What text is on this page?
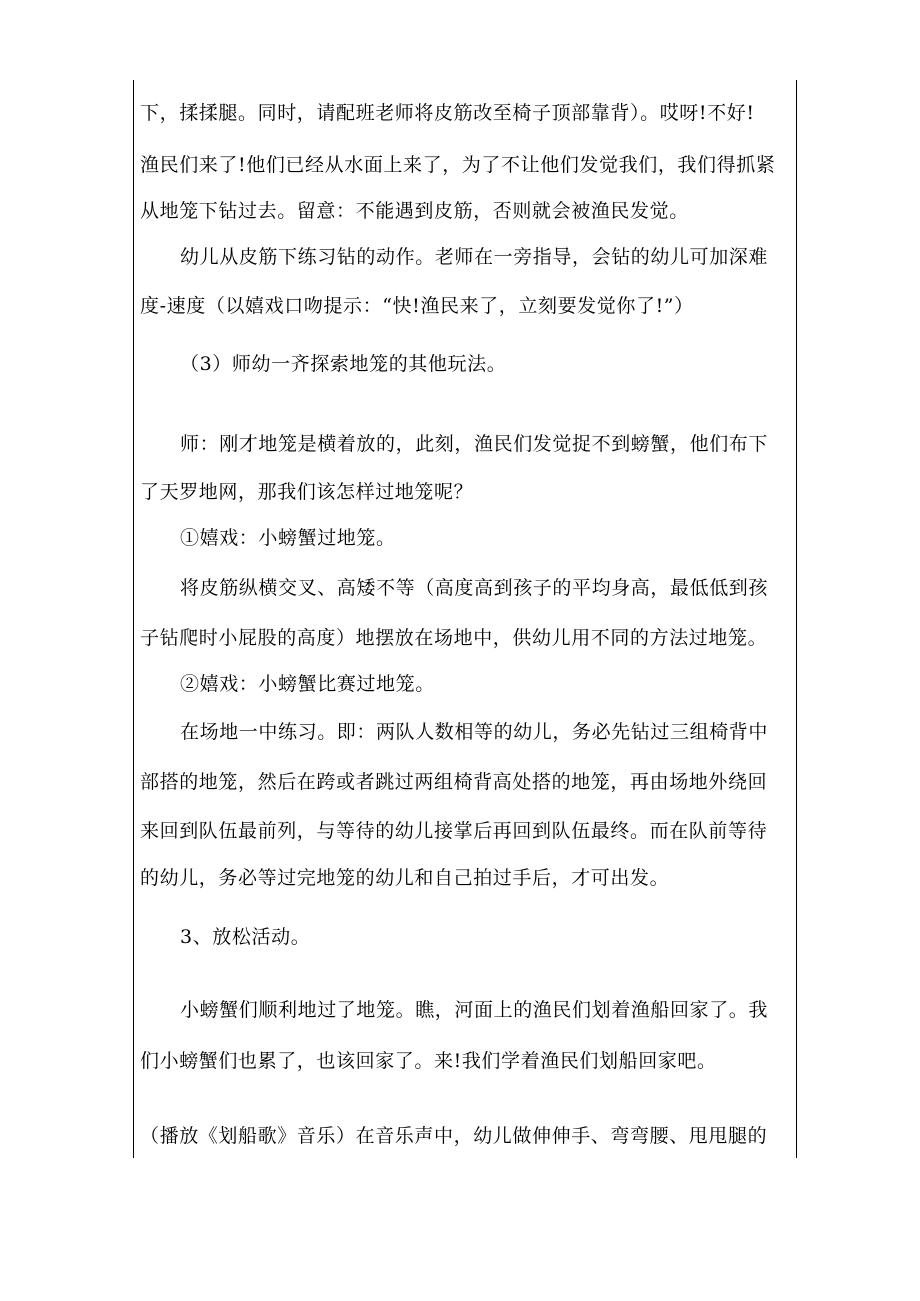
下，揉揉腿。同时，请配班老师将皮筋改至椅子顶部靠背）。哎呀!不好!
渔民们来了!他们已经从水面上来了，为了不让他们发觉我们，我们得抓紧
从地笼下钻过去。留意：不能遇到皮筋，否则就会被渔民发觉。
幼儿从皮筋下练习钻的动作。老师在一旁指导，会钻的幼儿可加深难
度-速度（以嬉戏口吻提示：“快!渔民来了，立刻要发觉你了!”）
（3）师幼一齐探索地笼的其他玩法。
师：刚才地笼是横着放的，此刻，渔民们发觉捉不到螃蟹，他们布下
了天罗地网，那我们该怎样过地笼呢？
①嬉戏：小螃蟹过地笼。
将皮筋纵横交叉、高矮不等（高度高到孩子的平均身高，最低低到孩
子钻爬时小屁股的高度）地摆放在场地中，供幼儿用不同的方法过地笼。
②嬉戏：小螃蟹比赛过地笼。
在场地一中练习。即：两队人数相等的幼儿，务必先钻过三组椅背中
部搭的地笼，然后在跨或者跳过两组椅背高处搭的地笼，再由场地外绕回
来回到队伍最前列，与等待的幼儿接掌后再回到队伍最终。而在队前等待
的幼儿，务必等过完地笼的幼儿和自己拍过手后，才可出发。
3、放松活动。
小螃蟹们顺利地过了地笼。瞧，河面上的渔民们划着渔船回家了。我
们小螃蟹们也累了，也该回家了。来!我们学着渔民们划船回家吧。
（播放《划船歌》音乐）在音乐声中，幼儿做伸伸手、弯弯腰、甩甩腿的
